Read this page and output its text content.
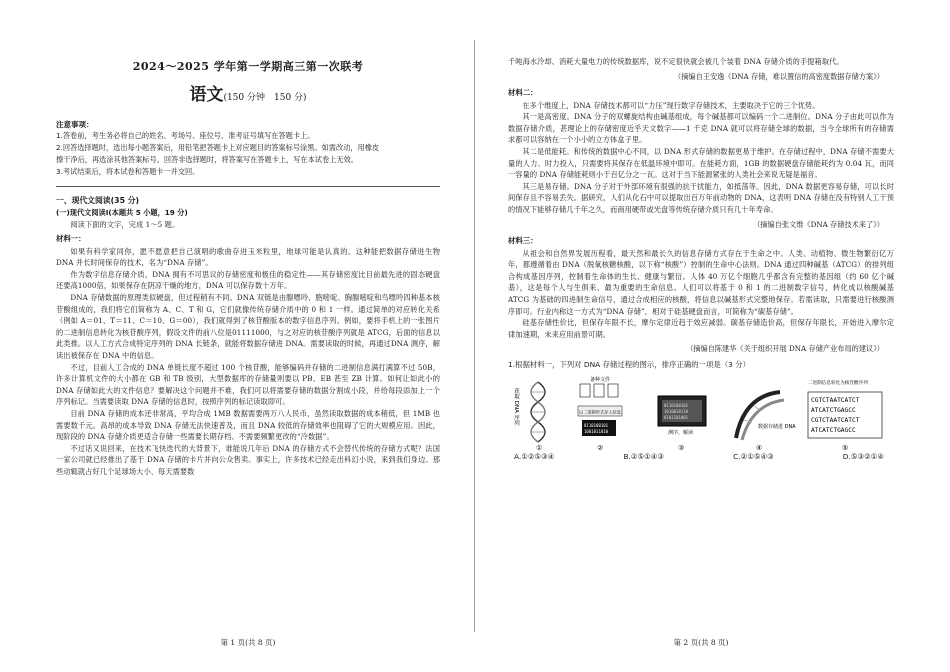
2024～2025 学年第一学期高三第一次联考
语文(150 分钟　150 分)
注意事项：

1.答卷前，考生务必将自己的姓名、考场号、座位号、准考证号填写在答题卡上。

2.回答选择题时，选出每小题答案后，用铅笔把答题卡上对应题目的答案标号涂黑。如需改动，用橡皮

擦干净后，再选涂其他答案标号。回答非选择题时，将答案写在答题卡上，写在本试卷上无效。

3.考试结束后，将本试卷和答题卡一并交回。

一、现代文阅读(35 分)
(一)现代文阅读Ⅰ(本题共 5 小题，19 分)

阅读下面的文字，完成 1～5 题。

材料一：

如果有科学家同你，愿不愿意把自己演唱的歌曲存进玉米粒里，地球可能是认真的。这种能把数据存储进生物 DNA 并长时间保存的技术，名为“DNA 存储”。

作为数字信息存储介质，DNA 拥有不可思议的存储密度和极佳的稳定性——其存储密度比目前最先进的固态硬盘还要高1000倍，如果保存在阴凉干燥的地方，DNA 可以保存数十万年。

DNA 存储数据的原理类似硬盘，但过程稍有不同。DNA 双链是由腺嘌呤、胞嘧啶、胸腺嘧啶和鸟嘌呤四种基本核苷酸组成的，我们将它们简称为 A、C、T 和 G，它们就像传统存储介质中的 0 和 1 一样。通过简单的对应转化关系（例如 A＝01、T＝11、C＝10、G＝00），我们就得到了核苷酸版本的数字信息序列。例如，要将手机上的一张图片的二进制信息转化为核苷酸序列，假设文件的前八位是01111000，与之对应的核苷酸序列就是 ATCG，后面的信息以此类推。以人工方式合成特定序列的 DNA 长链条，就能将数据存储进 DNA。需要读取的时候，再通过DNA 测序，解读出被保存在 DNA 中的信息。

不过，目前人工合成的 DNA 单链长度不超过 100 个核苷酸，能够编码并存储的二进制信息满打满算不过 50B，许多计算机文件的大小都在 GB 和 TB 级别，大型数据库的存储量则要以 PB、EB 甚至 ZB 计算。如何让如此小的 DNA 存储如此大的文件信息？要解决这个问题并不难，我们可以将需要存储的数据分割成小段，并给每段添加上一个序列标记。当需要读取 DNA 存储的信息时，按照序列的标记读取即可。

目前 DNA 存储的成本还非常高，平均合成 1MB 数据需要两万八人民币，虽然读取数据的成本稍低，但 1MB 也需要数千元。高昂的成本导致 DNA 存储无法快速普及，而且 DNA 较低的存储效率也阻碍了它的大规模应用。因此，现阶段的 DNA 存储介质更适合存储一些需要长期存档、不需要频繁更改的“冷数据”。

不过话又说回来，在技术飞快迭代的大背景下，谁能说几年后 DNA 的存储方式不会替代传统的存储方式呢？法国一家公司就已经推出了基于 DNA 存储的卡片并向公众售卖。事实上，许多技术已经走出科幻小说，来到我们身边。那些动辄就占好几个足球场大小、每天需要数

第 1 页(共 8 页)

千吨海水冷却、消耗大量电力的传统数据库，说不定很快就会被几个装着 DNA 存储介质的手提箱取代。

（摘编自王安逸《DNA 存储，难以置信的高密度数据存储方案》）
材料二：

在多个维度上，DNA 存储技术都可以“力压”现行数字存储技术，主要取决于它的三个优势。

其一是高密度。DNA 分子的双螺旋结构由碱基组成，每个碱基都可以编码一个二进制位。DNA 分子由此可以作为数据存储介质，甚理论上的存储密度近乎天文数字——1 千克 DNA 就可以将存储全球的数据，当今全球所有的存储需求都可以容纳在一个小小的立方体盒子里。

其二是低能耗。和传统的数据中心不同，以 DNA 形式存储的数据更易于维护。在存储过程中，DNA 存储不需要大量的人力、时力投入，只需要将其保存在低温环境中即可。在能耗方面，1GB 的数据硬盘存储能耗约为 0.04 瓦，而同一容量的 DNA 存储能耗则小于百亿分之一瓦。这对于当下能源紧张的人类社会来说无疑是福音。

其三是易存储。DNA 分子对于外部环境有很强的抗干扰能力，如抵荡等。因此，DNA 数据更容易存储，可以长时间保存且不容易丢失。据研究，人们从化石中可以提取出百万年前动物的 DNA，这表明 DNA 存储在没有特别人工干预的情况下能够存储几千年之久，而商用硬带或光盘等传统存储介质只有几十年寿命。

（摘编自张文维《DNA 存储技术来了》）
材料三：

从祖会和自然界发展历程看，最天然和最长久的信息存储方式存在于生命之中。人类、动植物、微生物繁衍亿万年，都遵循着由 DNA（脱氧核糖核酸，以下称“核酸”）控制的生命中心法则。DNA 通过四种碱基（ATCG）的排列组合构成基因序列，控制着生命体的生长、健康与繁衍。人体 40 万亿个细胞几乎都含有完整的基因组（约 60 亿个碱基），这是每个人与生俱来、最为重要的生命信息。人们可以将基于 0 和 1 的二进制数字信号，转化成以核酸碱基 ATCG 为基础的四进制生命信号，通过合成相应的核酸，将信息以碱基形式完整地保存。若需读取，只需要进行核酸测序即可。行业内称这一方式为“DNA 存储”，相对于硅基硬盘而言，可简称为“碳基存储”。

硅基存储性价比，但保存年限不长，摩尔定律近趋于效应减弱。碳基存储造价高，但保存年限长，开始进入摩尔定律加速期，未来应用前景可期。

（摘编自陈建华《关于组织开展 DNA 存储产业布局的建议》）
1.根据材料一，下列对 DNA 存储过程的图示，排序正确的一项是（3 分）
获取 DNA 序列
①
0110100101
1001011010
备种文件
以二进制形式存入信息
②
0110100101
1010010110
0101101001
测序，解读
③
数据存储进 DNA
④
二进制信息转化为核苷酸序列
CGTCTAATCATCT
ATCATCTGAGCC
CGTCTAATCATCT
ATCATCTGAGCC
⑤
A.①②⑤③④	B.②⑤①④③	C.②①⑤④③	D.⑤③②①④
第 2 页(共 8 页)
